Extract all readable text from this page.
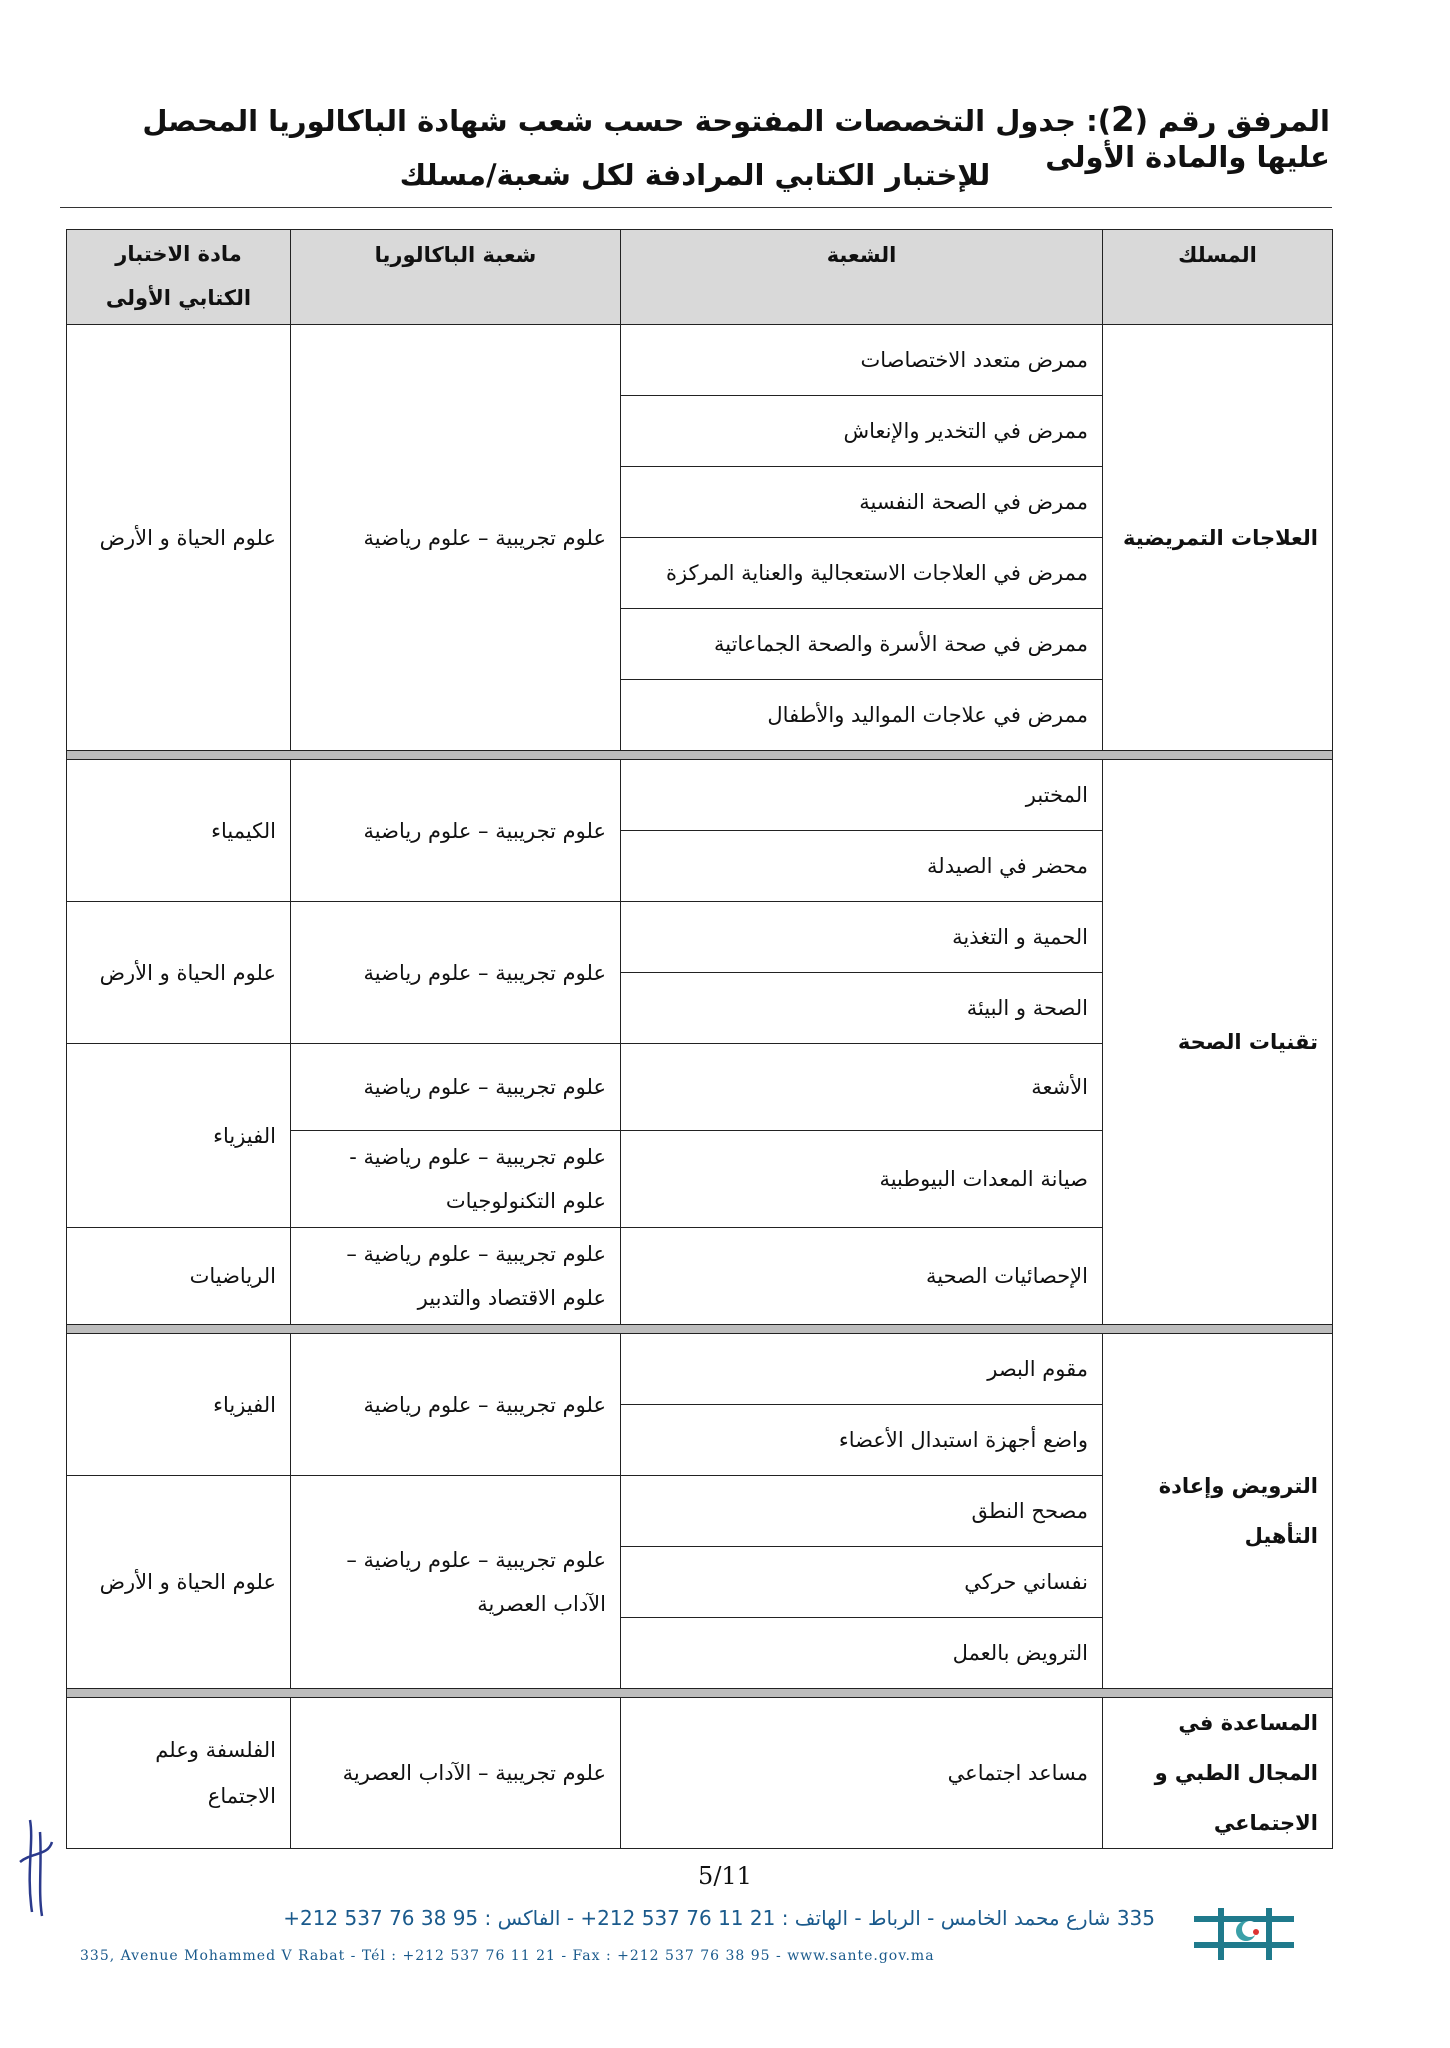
المرفق رقم (2): جدول التخصصات المفتوحة حسب شعب شهادة الباكالوريا المحصل عليها والمادة الأولى
للإختبار الكتابي المرادفة لكل شعبة/مسلك
المسلك	الشعبة	شعبة الباكالوريا	مادة الاختبار الكتابي الأولى
العلاجات التمريضية	ممرض متعدد الاختصاصات	علوم تجريبية – علوم رياضية	علوم الحياة و الأرض
	ممرض في التخدير والإنعاش		
	ممرض في الصحة النفسية		
	ممرض في العلاجات الاستعجالية والعناية المركزة		
	ممرض في صحة الأسرة والصحة الجماعاتية		
	ممرض في علاجات المواليد والأطفال		

تقنيات الصحة	المختبر	علوم تجريبية – علوم رياضية	الكيمياء
	محضر في الصيدلة		
	الحمية و التغذية	علوم تجريبية – علوم رياضية	علوم الحياة و الأرض
	الصحة و البيئة		
	الأشعة	علوم تجريبية – علوم رياضية	الفيزياء
	صيانة المعدات البيوطبية	علوم تجريبية – علوم رياضية - علوم التكنولوجيات	
	الإحصائيات الصحية	علوم تجريبية – علوم رياضية – علوم الاقتصاد والتدبير	الرياضيات

الترويض وإعادة التأهيل	مقوم البصر	علوم تجريبية – علوم رياضية	الفيزياء
	واضع أجهزة استبدال الأعضاء		
	مصحح النطق	علوم تجريبية – علوم رياضية – الآداب العصرية	علوم الحياة و الأرض
	نفساني حركي		
	الترويض بالعمل		

المساعدة في المجال الطبي و الاجتماعي	مساعد اجتماعي	علوم تجريبية – الآداب العصرية	الفلسفة وعلم الاجتماع
5/11
335 شارع محمد الخامس - الرباط - الهاتف : 21 11 76 537 212+ - الفاكس : 95 38 76 537 212+
335, Avenue Mohammed V Rabat - Tél : +212 537 76 11 21 - Fax : +212 537 76 38 95 - www.sante.gov.ma
